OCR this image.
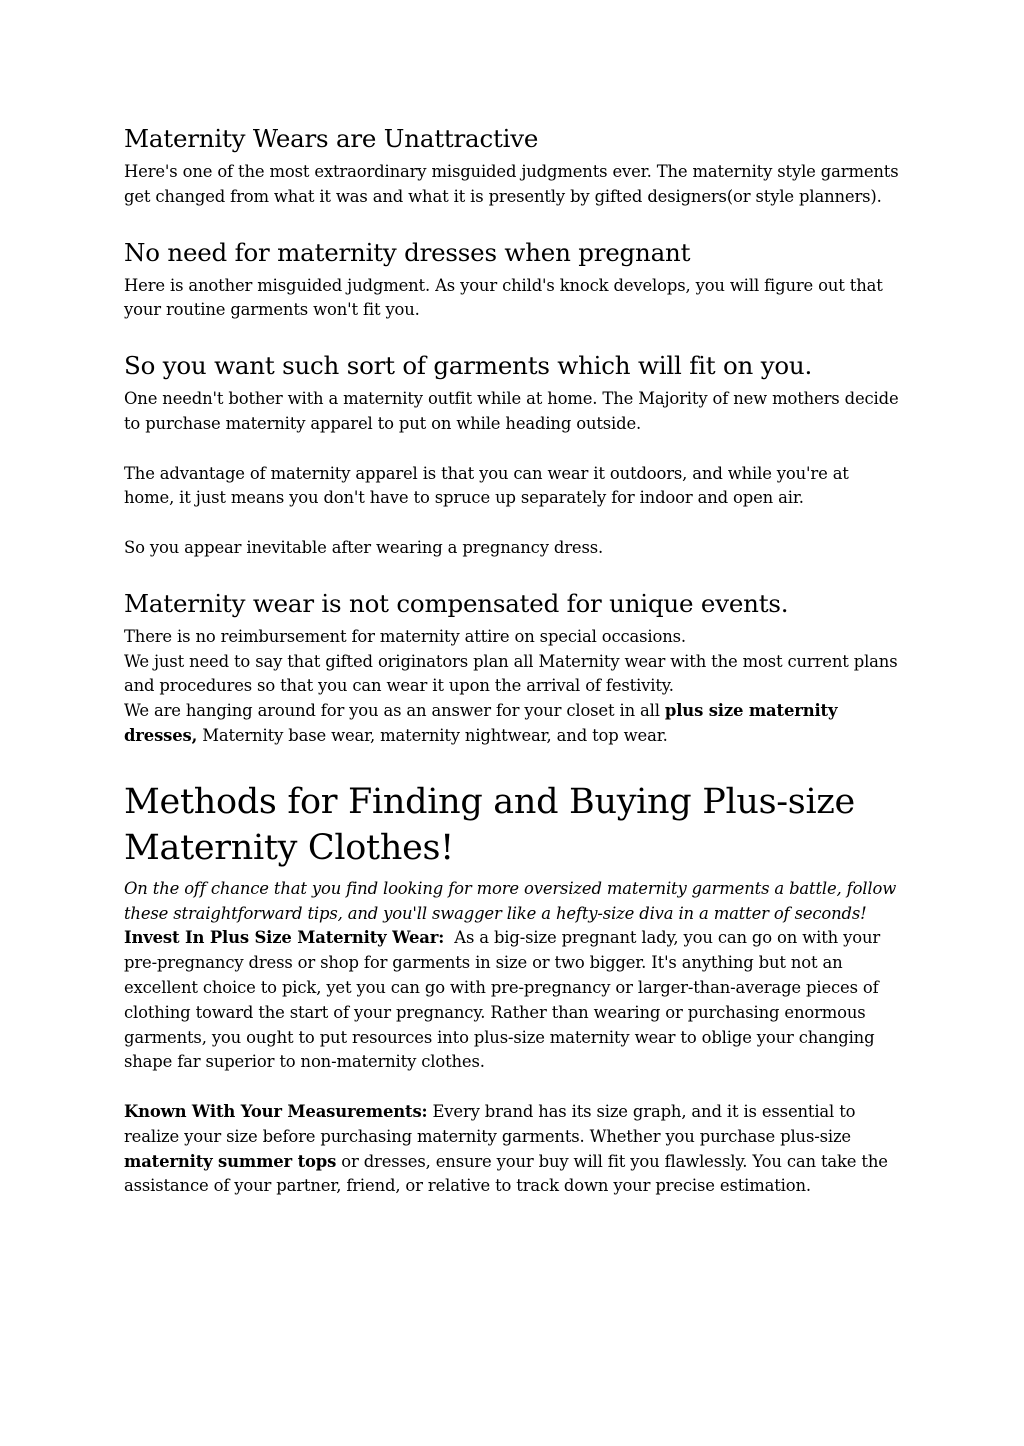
Maternity Wears are Unattractive

Here's one of the most extraordinary misguided judgments ever. The maternity style garments get changed from what it was and what it is presently by gifted designers(or style planners).

No need for maternity dresses when pregnant

Here is another misguided judgment. As your child's knock develops, you will figure out that your routine garments won't fit you.

So you want such sort of garments which will fit on you.

One needn't bother with a maternity outfit while at home. The Majority of new mothers decide to purchase maternity apparel to put on while heading outside.

The advantage of maternity apparel is that you can wear it outdoors, and while you're at home, it just means you don't have to spruce up separately for indoor and open air.

So you appear inevitable after wearing a pregnancy dress.

Maternity wear is not compensated for unique events.

There is no reimbursement for maternity attire on special occasions.

We just need to say that gifted originators plan all Maternity wear with the most current plans and procedures so that you can wear it upon the arrival of festivity.

We are hanging around for you as an answer for your closet in all plus size maternity dresses, Maternity base wear, maternity nightwear, and top wear.

Methods for Finding and Buying Plus-size Maternity Clothes!

On the off chance that you find looking for more oversized maternity garments a battle, follow these straightforward tips, and you'll swagger like a hefty-size diva in a matter of seconds!

Invest In Plus Size Maternity Wear:  As a big-size pregnant lady, you can go on with your pre-pregnancy dress or shop for garments in size or two bigger. It's anything but not an excellent choice to pick, yet you can go with pre-pregnancy or larger-than-average pieces of clothing toward the start of your pregnancy. Rather than wearing or purchasing enormous garments, you ought to put resources into plus-size maternity wear to oblige your changing shape far superior to non-maternity clothes.

Known With Your Measurements: Every brand has its size graph, and it is essential to realize your size before purchasing maternity garments. Whether you purchase plus-size maternity summer tops or dresses, ensure your buy will fit you flawlessly. You can take the assistance of your partner, friend, or relative to track down your precise estimation.
